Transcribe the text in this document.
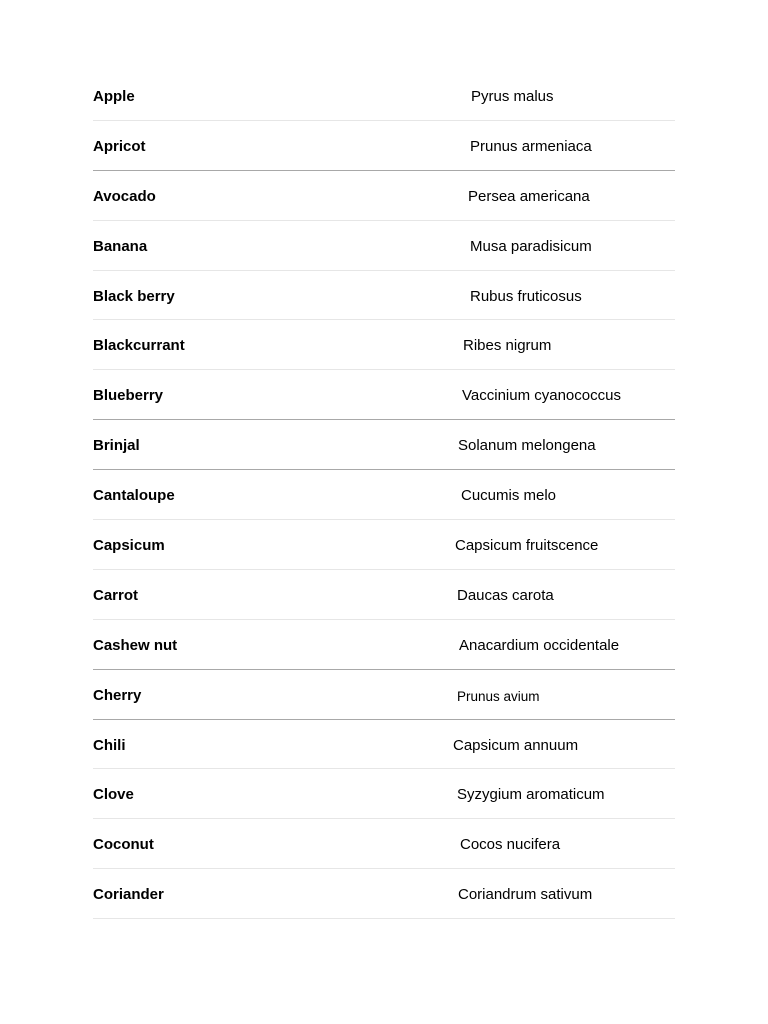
Apple	Pyrus malus
Apricot	Prunus armeniaca
Avocado	Persea americana
Banana	Musa paradisicum
Black berry	Rubus fruticosus
Blackcurrant	Ribes nigrum
Blueberry	Vaccinium cyanococcus
Brinjal	Solanum melongena
Cantaloupe	Cucumis melo
Capsicum	Capsicum fruitscence
Carrot	Daucas carota
Cashew nut	Anacardium occidentale
Cherry	Prunus avium
Chili	Capsicum annuum
Clove	Syzygium aromaticum
Coconut	Cocos nucifera
Coriander	Coriandrum sativum
